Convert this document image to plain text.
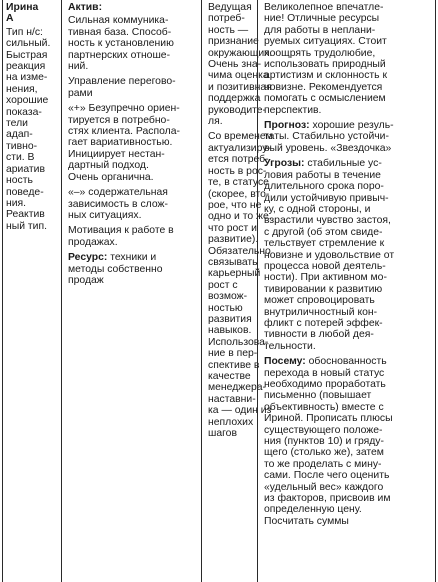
Ирина
А
Тип н/с:
сильный.
Быстрая
реакция
на изме-
нения,
хорошие
показа-
тели
адап-
тивно-
сти. В
ариатив
ность
поведе-
ния.
Реактив
ный тип.
Актив:
Сильная коммуника-
тивная база. Способ-
ность к установлению
партнерских отноше-
ний.
Управление перегово-
рами
«+» Безупречно ориен-
тируется в потребно-
стях клиента. Распола-
гает вариативностью.
Инициирует нестан-
дартный подход.
Очень органична.
«–» содержательная
зависимость в слож-
ных ситуациях.
Мотивация к работе в
продажах.
Ресурс: техники и
методы собственно
продаж
Ведущая
потреб-
ность —
признание
окружающих.
Очень зна-
чима оценка
и позитивная
поддержка
руководите-
ля.
Со временем
актуализиру-
ется потреб-
ность в рос-
те, в статусе
(скорее, вто-
рое, что не
одно и то же,
что рост и
развитие).
Обязательно
связывать
карьерный
рост с
возмож-
ностью
развития
навыков.
Использова-
ние в пер-
спективе в
качестве
менеджера-
наставни-
ка — один из
неплохих
шагов
Великолепное впечатле-
ние! Отличные ресурсы
для работы в неплани-
руемых ситуациях. Стоит
поощрять трудолюбие,
использовать природный
артистизм и склонность к
новизне. Рекомендуется
помогать с осмыслением
перспектив.
Прогноз: хорошие резуль-
таты. Стабильно устойчи-
вый уровень. «Звездочка»
Угрозы: стабильные ус-
ловия работы в течение
длительного срока поро-
дили устойчивую привыч-
ку, с одной стороны, и
взрастили чувство застоя,
с другой (об этом свиде-
тельствует стремление к
новизне и удовольствие от
процесса новой деятель-
ности). При активном мо-
тивировании к развитию
может спровоцировать
внутриличностный кон-
фликт с потерей эффек-
тивности в любой дея-
тельности.
Посему: обоснованность
перехода в новый статус
необходимо проработать
письменно (повышает
объективность) вместе с
Ириной. Прописать плюсы
существующего положе-
ния (пунктов 10) и гряду-
щего (столько же), затем
то же проделать с мину-
сами. После чего оценить
«удельный вес» каждого
из факторов, присвоив им
определенную цену.
Посчитать суммы
